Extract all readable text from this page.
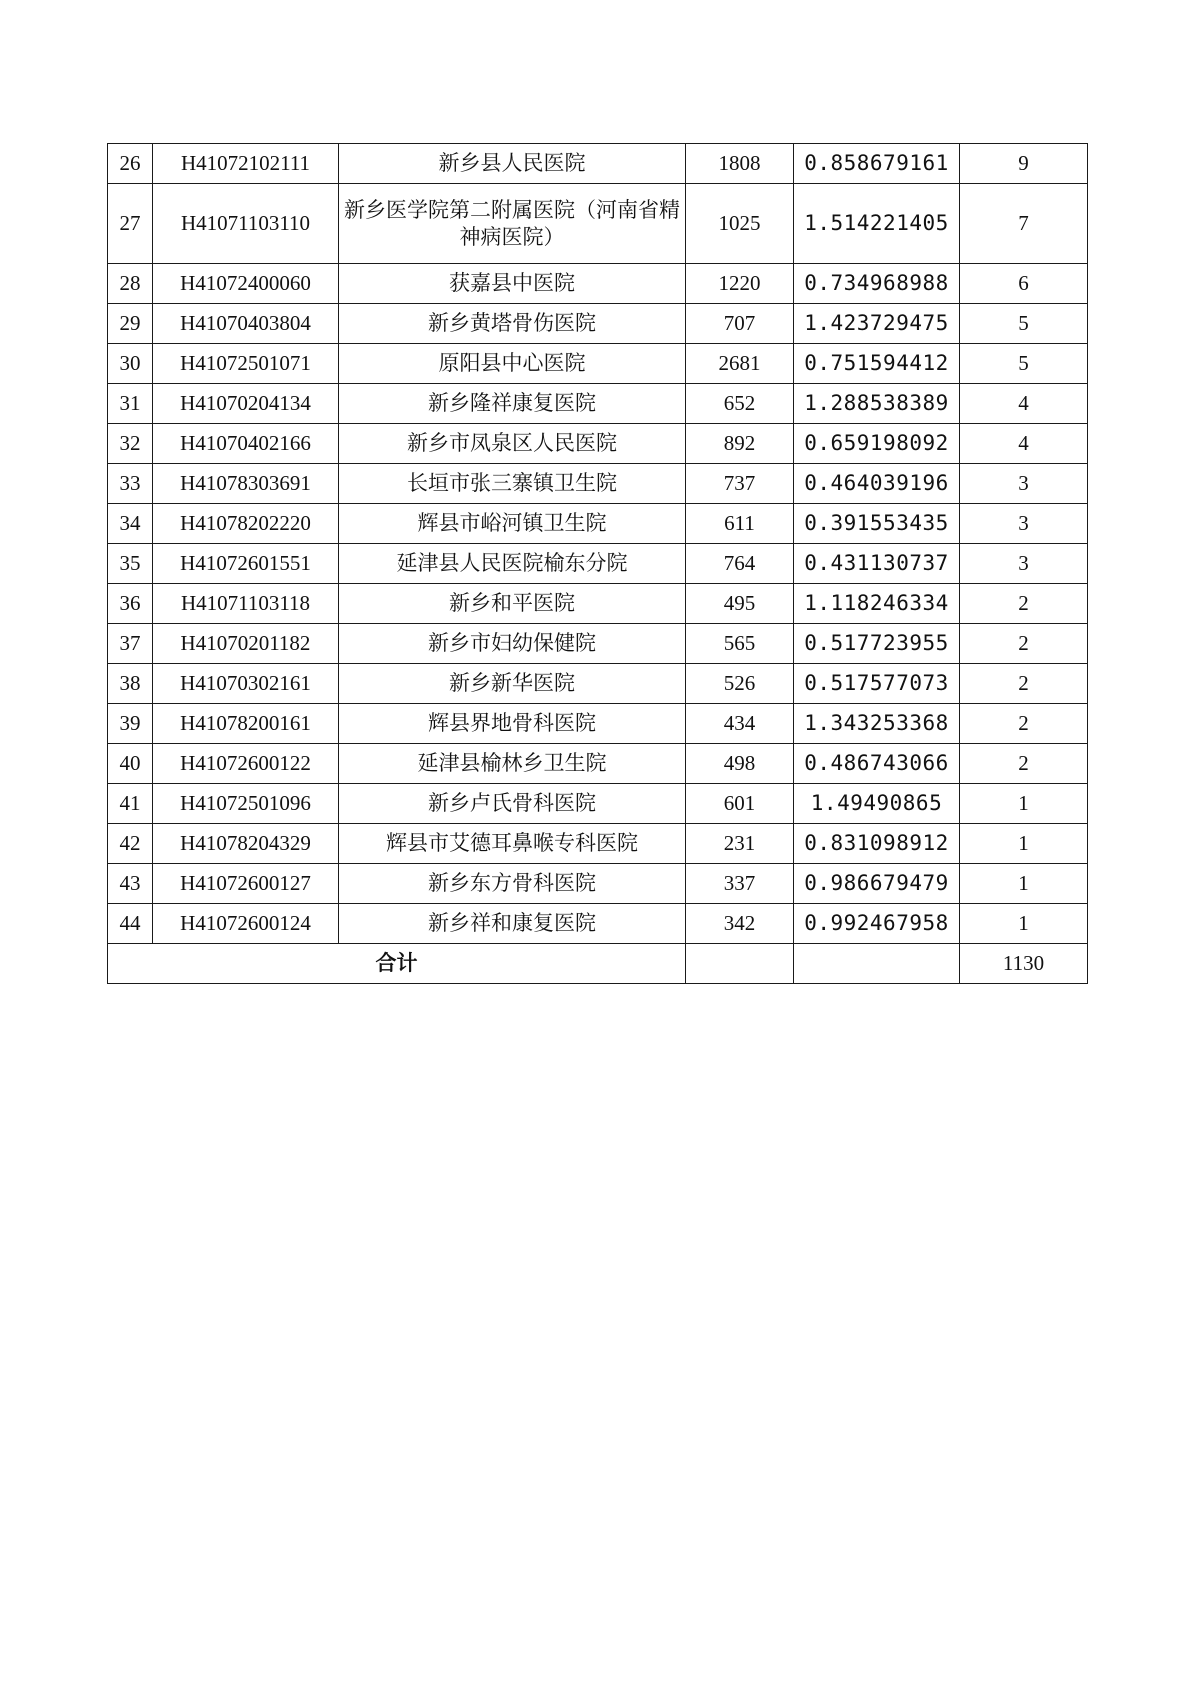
26	H41072102111	新乡县人民医院	1808	0.858679161	9
27	H41071103110	新乡医学院第二附属医院（河南省精神病医院）	1025	1.514221405	7
28	H41072400060	获嘉县中医院	1220	0.734968988	6
29	H41070403804	新乡黄塔骨伤医院	707	1.423729475	5
30	H41072501071	原阳县中心医院	2681	0.751594412	5
31	H41070204134	新乡隆祥康复医院	652	1.288538389	4
32	H41070402166	新乡市凤泉区人民医院	892	0.659198092	4
33	H41078303691	长垣市张三寨镇卫生院	737	0.464039196	3
34	H41078202220	辉县市峪河镇卫生院	611	0.391553435	3
35	H41072601551	延津县人民医院榆东分院	764	0.431130737	3
36	H41071103118	新乡和平医院	495	1.118246334	2
37	H41070201182	新乡市妇幼保健院	565	0.517723955	2
38	H41070302161	新乡新华医院	526	0.517577073	2
39	H41078200161	辉县界地骨科医院	434	1.343253368	2
40	H41072600122	延津县榆林乡卫生院	498	0.486743066	2
41	H41072501096	新乡卢氏骨科医院	601	1.49490865	1
42	H41078204329	辉县市艾德耳鼻喉专科医院	231	0.831098912	1
43	H41072600127	新乡东方骨科医院	337	0.986679479	1
44	H41072600124	新乡祥和康复医院	342	0.992467958	1
合计					1130
